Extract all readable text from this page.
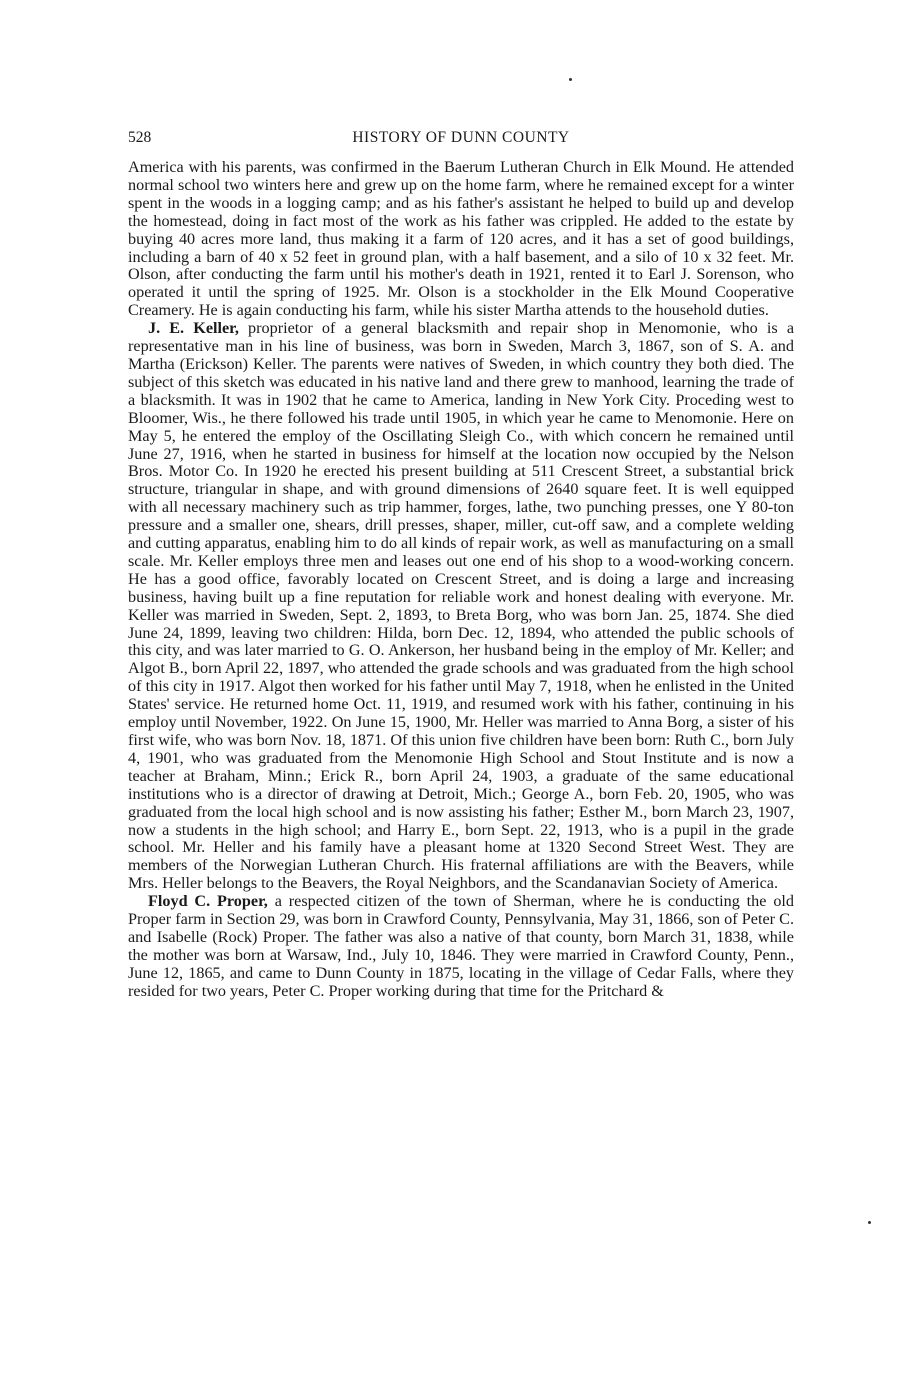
528	HISTORY OF DUNN COUNTY

America with his parents, was confirmed in the Baerum Lutheran Church in Elk Mound. He attended normal school two winters here and grew up on the home farm, where he remained except for a winter spent in the woods in a logging camp; and as his father's assistant he helped to build up and develop the homestead, doing in fact most of the work as his father was crippled. He added to the estate by buying 40 acres more land, thus making it a farm of 120 acres, and it has a set of good buildings, including a barn of 40 x 52 feet in ground plan, with a half basement, and a silo of 10 x 32 feet. Mr. Olson, after conducting the farm until his mother's death in 1921, rented it to Earl J. Sorenson, who operated it until the spring of 1925. Mr. Olson is a stockholder in the Elk Mound Cooperative Creamery. He is again conducting his farm, while his sister Martha attends to the household duties.

J. E. Keller, proprietor of a general blacksmith and repair shop in Menomonie, who is a representative man in his line of business, was born in Sweden, March 3, 1867, son of S. A. and Martha (Erickson) Keller. The parents were natives of Sweden, in which country they both died. The subject of this sketch was educated in his native land and there grew to manhood, learning the trade of a blacksmith. It was in 1902 that he came to America, landing in New York City. Proceding west to Bloomer, Wis., he there followed his trade until 1905, in which year he came to Menomonie. Here on May 5, he entered the employ of the Oscillating Sleigh Co., with which concern he remained until June 27, 1916, when he started in business for himself at the location now occupied by the Nelson Bros. Motor Co. In 1920 he erected his present building at 511 Crescent Street, a substantial brick structure, triangular in shape, and with ground dimensions of 2640 square feet. It is well equipped with all necessary machinery such as trip hammer, forges, lathe, two punching presses, one Y 80-ton pressure and a smaller one, shears, drill presses, shaper, miller, cut-off saw, and a complete welding and cutting apparatus, enabling him to do all kinds of repair work, as well as manufacturing on a small scale. Mr. Keller employs three men and leases out one end of his shop to a wood-working concern. He has a good office, favorably located on Crescent Street, and is doing a large and increasing business, having built up a fine reputation for reliable work and honest dealing with everyone. Mr. Keller was married in Sweden, Sept. 2, 1893, to Breta Borg, who was born Jan. 25, 1874. She died June 24, 1899, leaving two children: Hilda, born Dec. 12, 1894, who attended the public schools of this city, and was later married to G. O. Ankerson, her husband being in the employ of Mr. Keller; and Algot B., born April 22, 1897, who attended the grade schools and was graduated from the high school of this city in 1917. Algot then worked for his father until May 7, 1918, when he enlisted in the United States' service. He returned home Oct. 11, 1919, and resumed work with his father, continuing in his employ until November, 1922. On June 15, 1900, Mr. Heller was married to Anna Borg, a sister of his first wife, who was born Nov. 18, 1871. Of this union five children have been born: Ruth C., born July 4, 1901, who was graduated from the Menomonie High School and Stout Institute and is now a teacher at Braham, Minn.; Erick R., born April 24, 1903, a graduate of the same educational institutions who is a director of drawing at Detroit, Mich.; George A., born Feb. 20, 1905, who was graduated from the local high school and is now assisting his father; Esther M., born March 23, 1907, now a students in the high school; and Harry E., born Sept. 22, 1913, who is a pupil in the grade school. Mr. Heller and his family have a pleasant home at 1320 Second Street West. They are members of the Norwegian Lutheran Church. His fraternal affiliations are with the Beavers, while Mrs. Heller belongs to the Beavers, the Royal Neighbors, and the Scandanavian Society of America.

Floyd C. Proper, a respected citizen of the town of Sherman, where he is conducting the old Proper farm in Section 29, was born in Crawford County, Pennsylvania, May 31, 1866, son of Peter C. and Isabelle (Rock) Proper. The father was also a native of that county, born March 31, 1838, while the mother was born at Warsaw, Ind., July 10, 1846. They were married in Crawford County, Penn., June 12, 1865, and came to Dunn County in 1875, locating in the village of Cedar Falls, where they resided for two years, Peter C. Proper working during that time for the Pritchard &
